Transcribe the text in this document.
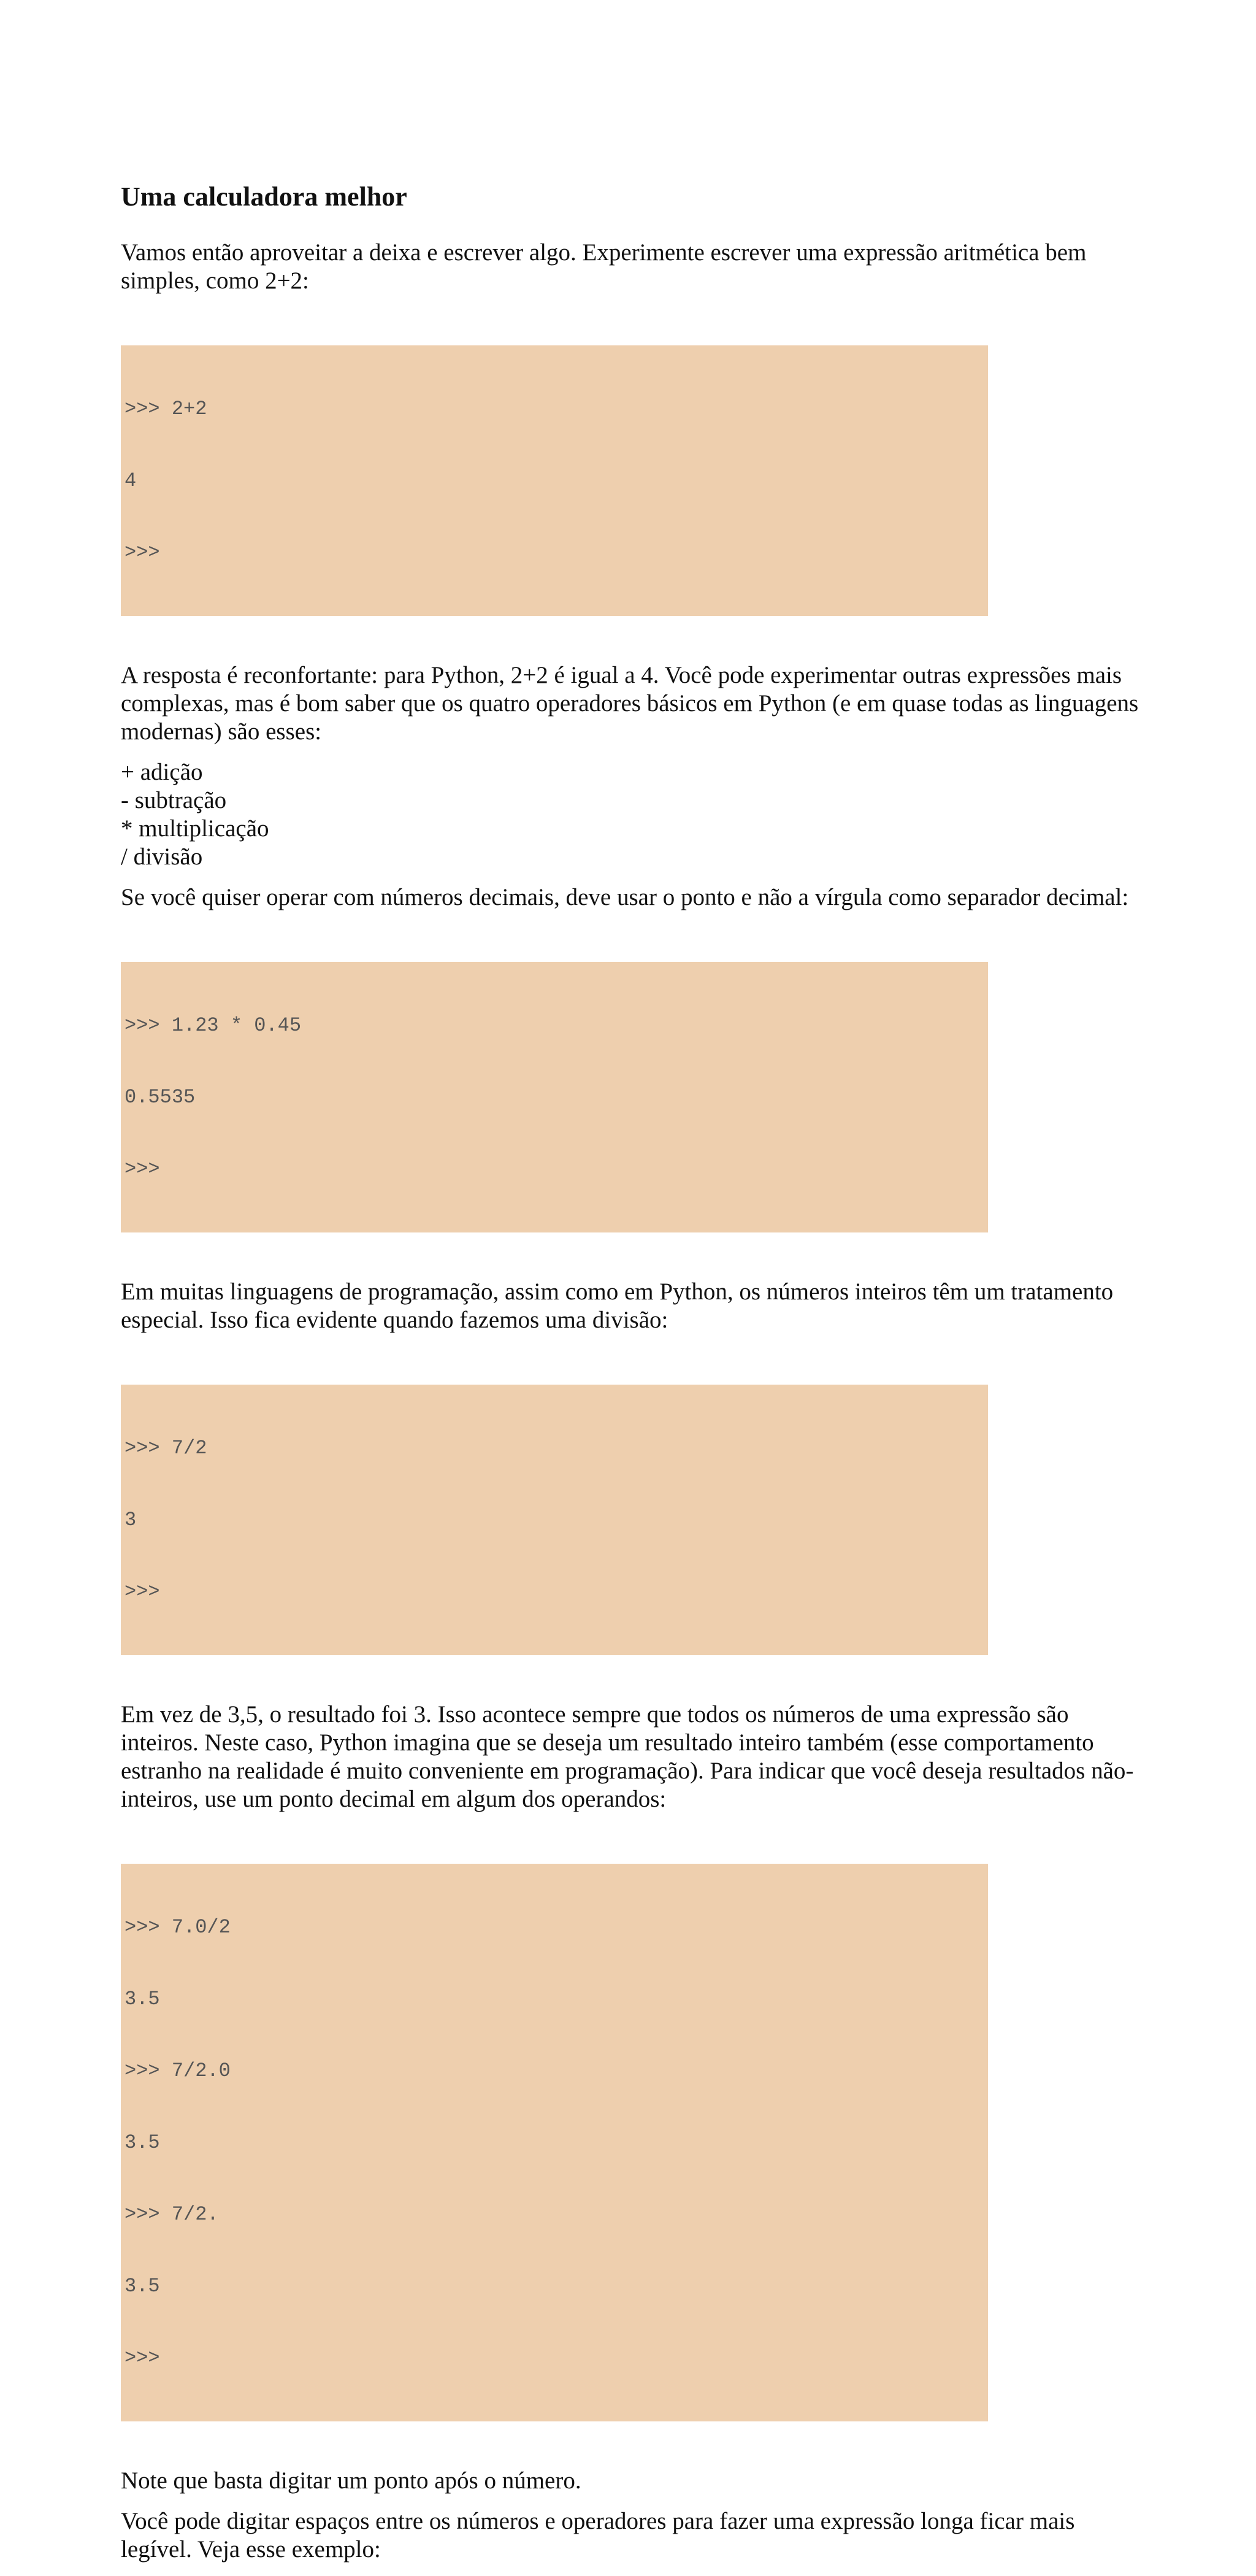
Uma calculadora melhor

Vamos então aproveitar a deixa e escrever algo. Experimente escrever uma expressão aritmética bem simples, como 2+2:

>>> 2+2

4

>>>

A resposta é reconfortante: para Python, 2+2 é igual a 4. Você pode experimentar outras expressões mais complexas, mas é bom saber que os quatro operadores básicos em Python (e em quase todas as linguagens modernas) são esses:

+ adição
- subtração
* multiplicação
/ divisão

Se você quiser operar com números decimais, deve usar o ponto e não a vírgula como separador decimal:

>>> 1.23 * 0.45

0.5535

>>>

Em muitas linguagens de programação, assim como em Python, os números inteiros têm um tratamento especial. Isso fica evidente quando fazemos uma divisão:

>>> 7/2

3

>>>

Em vez de 3,5, o resultado foi 3. Isso acontece sempre que todos os números de uma expressão são inteiros. Neste caso, Python imagina que se deseja um resultado inteiro também (esse comportamento estranho na realidade é muito conveniente em programação). Para indicar que você deseja resultados não-inteiros, use um ponto decimal em algum dos operandos:

>>> 7.0/2

3.5

>>> 7/2.0

3.5

>>> 7/2.

3.5

>>>

Note que basta digitar um ponto após o número.

Você pode digitar espaços entre os números e operadores para fazer uma expressão longa ficar mais legível. Veja esse exemplo:
